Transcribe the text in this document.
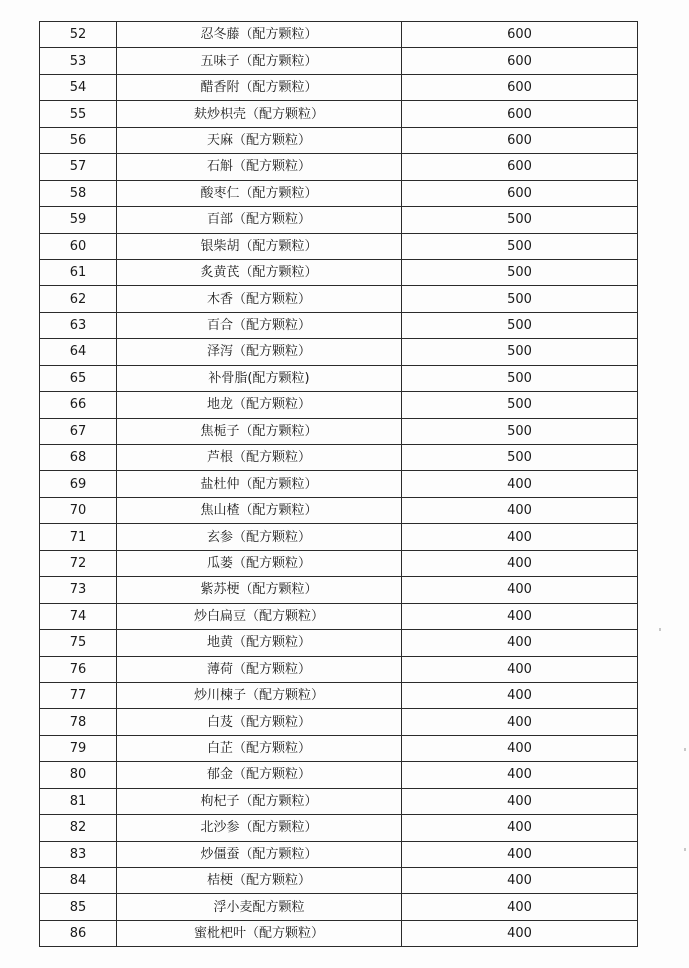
52	忍冬藤（配方颗粒）	600
53	五味子（配方颗粒）	600
54	醋香附（配方颗粒）	600
55	麸炒枳壳（配方颗粒）	600
56	天麻（配方颗粒）	600
57	石斛（配方颗粒）	600
58	酸枣仁（配方颗粒）	600
59	百部（配方颗粒）	500
60	银柴胡（配方颗粒）	500
61	炙黄芪（配方颗粒）	500
62	木香（配方颗粒）	500
63	百合（配方颗粒）	500
64	泽泻（配方颗粒）	500
65	补骨脂(配方颗粒)	500
66	地龙（配方颗粒）	500
67	焦栀子（配方颗粒）	500
68	芦根（配方颗粒）	500
69	盐杜仲（配方颗粒）	400
70	焦山楂（配方颗粒）	400
71	玄参（配方颗粒）	400
72	瓜蒌（配方颗粒）	400
73	紫苏梗（配方颗粒）	400
74	炒白扁豆（配方颗粒）	400
75	地黄（配方颗粒）	400
76	薄荷（配方颗粒）	400
77	炒川楝子（配方颗粒）	400
78	白芨（配方颗粒）	400
79	白芷（配方颗粒）	400
80	郁金（配方颗粒）	400
81	枸杞子（配方颗粒）	400
82	北沙参（配方颗粒）	400
83	炒僵蚕（配方颗粒）	400
84	桔梗（配方颗粒）	400
85	浮小麦配方颗粒	400
86	蜜枇杷叶（配方颗粒）	400
